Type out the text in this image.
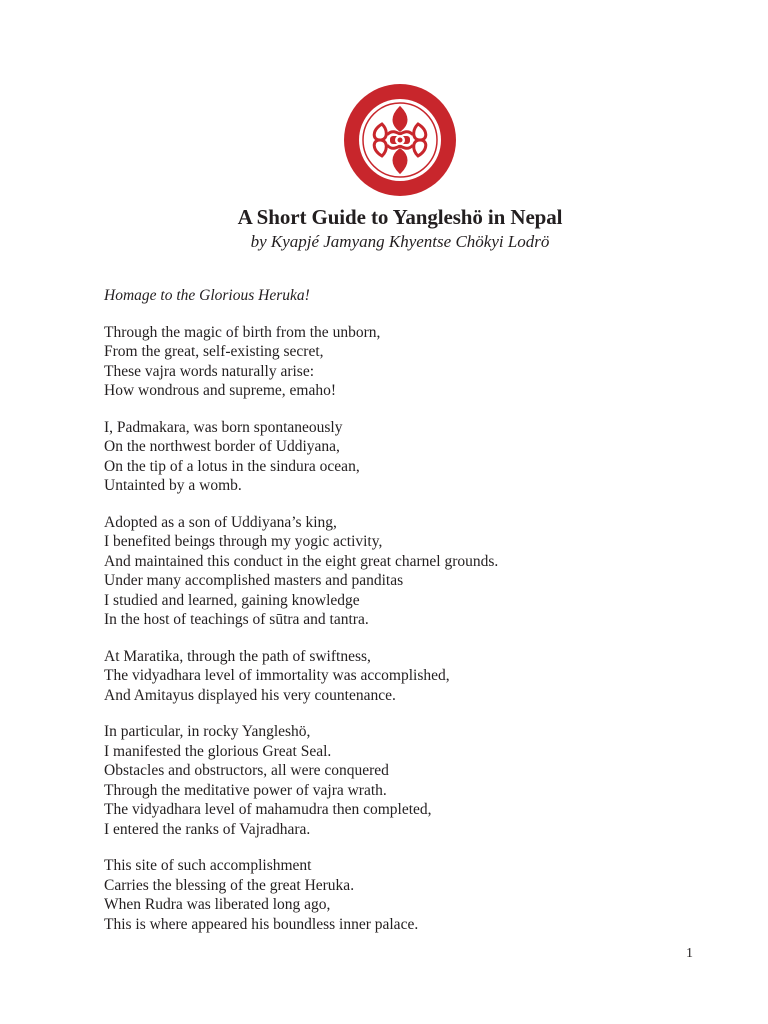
A Short Guide to Yangleshö in Nepal
by Kyapjé Jamyang Khyentse Chökyi Lodrö

Homage to the Glorious Heruka!

Through the magic of birth from the unborn,
From the great, self-existing secret,
These vajra words naturally arise:
How wondrous and supreme, emaho!
I, Padmakara, was born spontaneously
On the northwest border of Uddiyana,
On the tip of a lotus in the sindura ocean,
Untainted by a womb.
Adopted as a son of Uddiyana’s king,
I benefited beings through my yogic activity,
And maintained this conduct in the eight great charnel grounds.
Under many accomplished masters and panditas
I studied and learned, gaining knowledge
In the host of teachings of sūtra and tantra.
At Maratika, through the path of swiftness,
The vidyadhara level of immortality was accomplished,
And Amitayus displayed his very countenance.
In particular, in rocky Yangleshö,
I manifested the glorious Great Seal.
Obstacles and obstructors, all were conquered
Through the meditative power of vajra wrath.
The vidyadhara level of mahamudra then completed,
I entered the ranks of Vajradhara.
This site of such accomplishment
Carries the blessing of the great Heruka.
When Rudra was liberated long ago,
This is where appeared his boundless inner palace.
1
